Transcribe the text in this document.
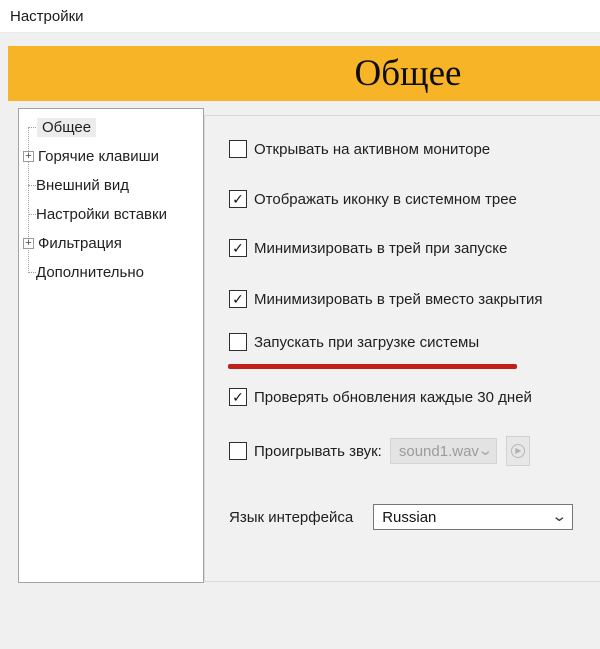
Настройки
Общее
Общее
+ Горячие клавиши
Внешний вид
Настройки вставки
+ Фильтрация
Дополнительно
Открывать на активном мониторе
✓ Отображать иконку в системном трее
✓ Минимизировать в трей при запуске
✓ Минимизировать в трей вместо закрытия
Запускать при загрузке системы
✓ Проверять обновления каждые 30 дней
Проигрывать звук: sound1.wav
⌄	▶
Язык интерфейса Russian	⌄
